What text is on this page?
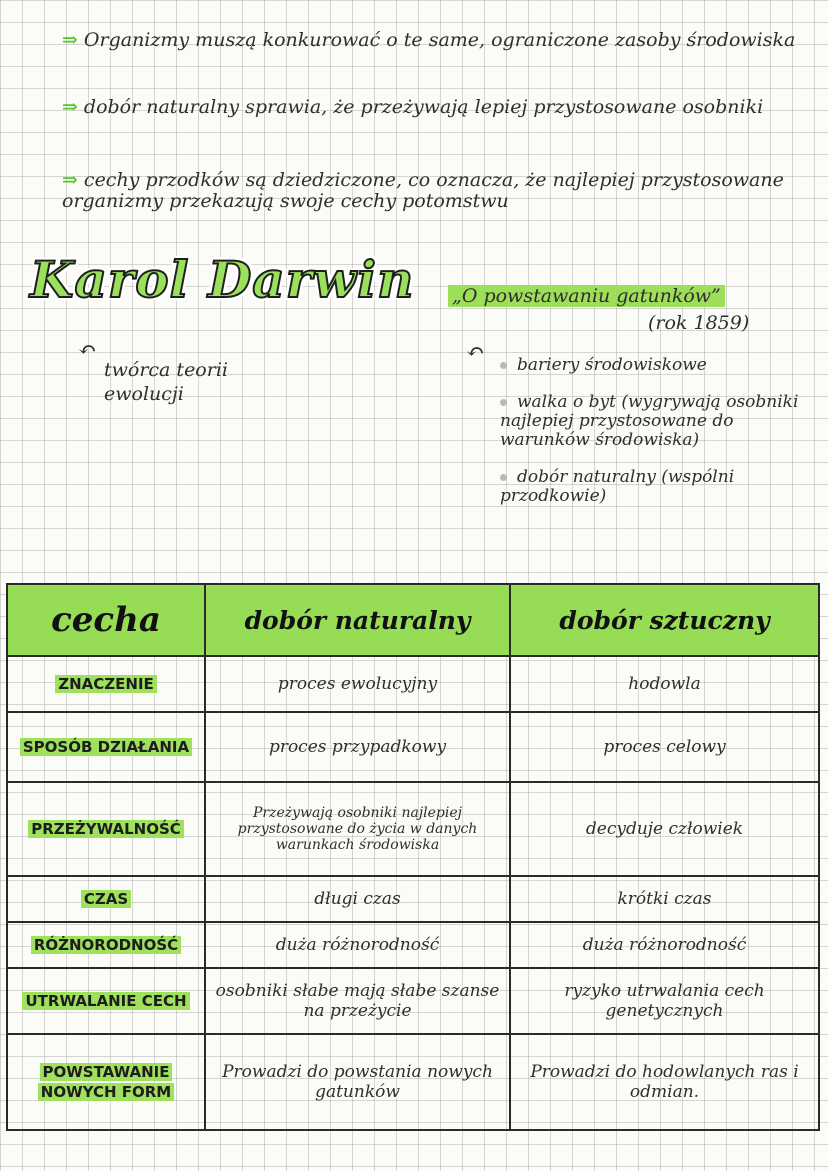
⇒ Organizmy muszą konkurować o te same, ograniczone zasoby środowiska
⇒ dobór naturalny sprawia, że przeżywają lepiej przystosowane osobniki
⇒ cechy przodków są dziedziczone, co oznacza, że najlepiej przystosowane organizmy przekazują swoje cechy potomstwu
Karol Darwin
↶
twórca teorii ewolucji
„O powstawaniu gatunków”
(rok 1859)
↶	bariery środowiskowe
walka o byt (wygrywają osobniki najlepiej przystosowane do warunków środowiska)
dobór naturalny (wspólni przodkowie)
cecha	dobór naturalny	dobór sztuczny
ZNACZENIE	proces ewolucyjny	hodowla
SPOSÓB DZIAŁANIA	proces przypadkowy	proces celowy
PRZEŻYWALNOŚĆ	Przeżywają osobniki najlepiej przystosowane do życia w danych warunkach środowiska	decyduje człowiek
CZAS	długi czas	krótki czas
RÓŻNORODNOŚĆ	duża różnorodność	duża różnorodność
UTRWALANIE CECH	osobniki słabe mają słabe szanse na przeżycie	ryzyko utrwalania cech genetycznych
POWSTAWANIE NOWYCH FORM	Prowadzi do powstania nowych gatunków	Prowadzi do hodowlanych ras i odmian.
